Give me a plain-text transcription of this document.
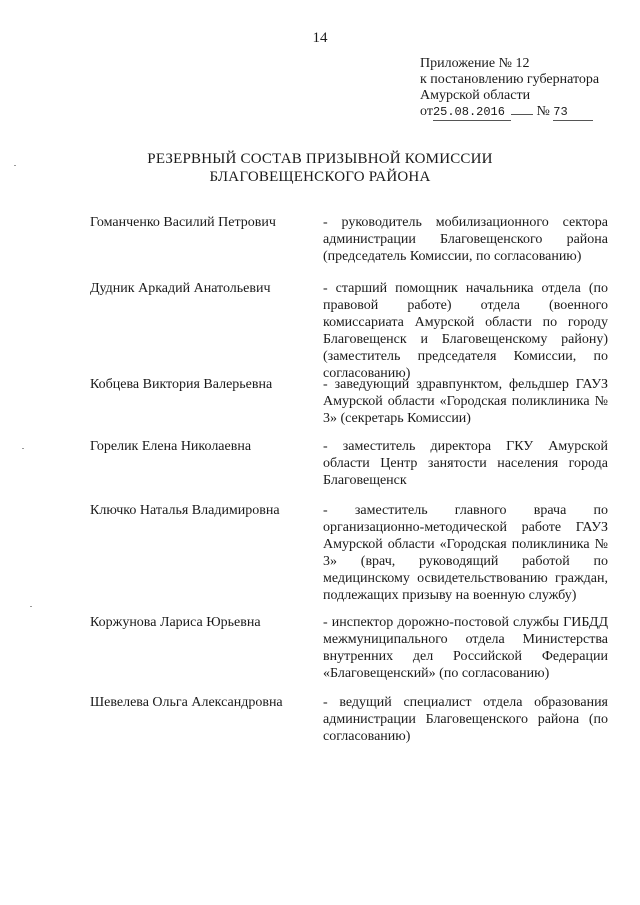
14
Приложение № 12
к постановлению губернатора
Амурской области
от25.08.2016 № 73
РЕЗЕРВНЫЙ СОСТАВ ПРИЗЫВНОЙ КОМИССИИ
БЛАГОВЕЩЕНСКОГО РАЙОНА
Гоманченко Василий Петрович	- руководитель мобилизационного сектора администрации Благовещенского района (председатель Комиссии, по согласованию)
Дудник Аркадий Анатольевич	- старший помощник начальника отдела (по правовой работе) отдела (военного комиссариата Амурской области по городу Благовещенск и Благовещенскому району) (заместитель председателя Комиссии, по согласованию)
Кобцева Виктория Валерьевна	- заведующий здравпунктом, фельдшер ГАУЗ Амурской области «Городская поликлиника № 3» (секретарь Комиссии)
Горелик Елена Николаевна	- заместитель директора ГКУ Амурской области Центр занятости населения города Благовещенск
Ключко Наталья Владимировна	- заместитель главного врача по организационно-методической работе ГАУЗ Амурской области «Городская поликлиника № 3» (врач, руководящий работой по медицинскому освидетельствованию граждан, подлежащих призыву на военную службу)
Коржунова Лариса Юрьевна	- инспектор дорожно-постовой службы ГИБДД межмуниципального отдела Министерства внутренних дел Российской Федерации «Благовещенский» (по согласованию)
Шевелева Ольга Александровна	- ведущий специалист отдела образования администрации Благовещенского района (по согласованию)
